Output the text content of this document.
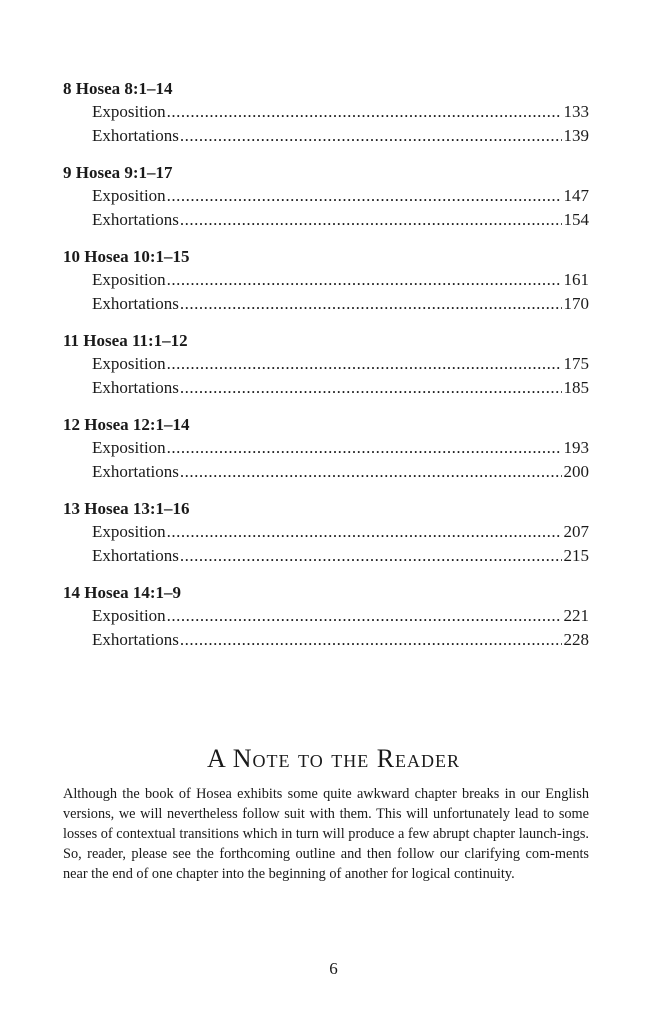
8 Hosea 8:1–14
Exposition .....	133
Exhortations .....	139
9 Hosea 9:1–17
Exposition .....	147
Exhortations .....	154
10 Hosea 10:1–15
Exposition .....	161
Exhortations .....	170
11 Hosea 11:1–12
Exposition .....	175
Exhortations .....	185
12 Hosea 12:1–14
Exposition .....	193
Exhortations .....	200
13 Hosea 13:1–16
Exposition .....	207
Exhortations .....	215
14 Hosea 14:1–9
Exposition .....	221
Exhortations .....	228
A Note to the Reader
Although the book of Hosea exhibits some quite awkward chapter breaks in our English versions, we will nevertheless follow suit with them. This will unfortunately lead to some losses of contextual transitions which in turn will produce a few abrupt chapter launch-ings. So, reader, please see the forthcoming outline and then follow our clarifying com-ments near the end of one chapter into the beginning of another for logical continuity.
6
